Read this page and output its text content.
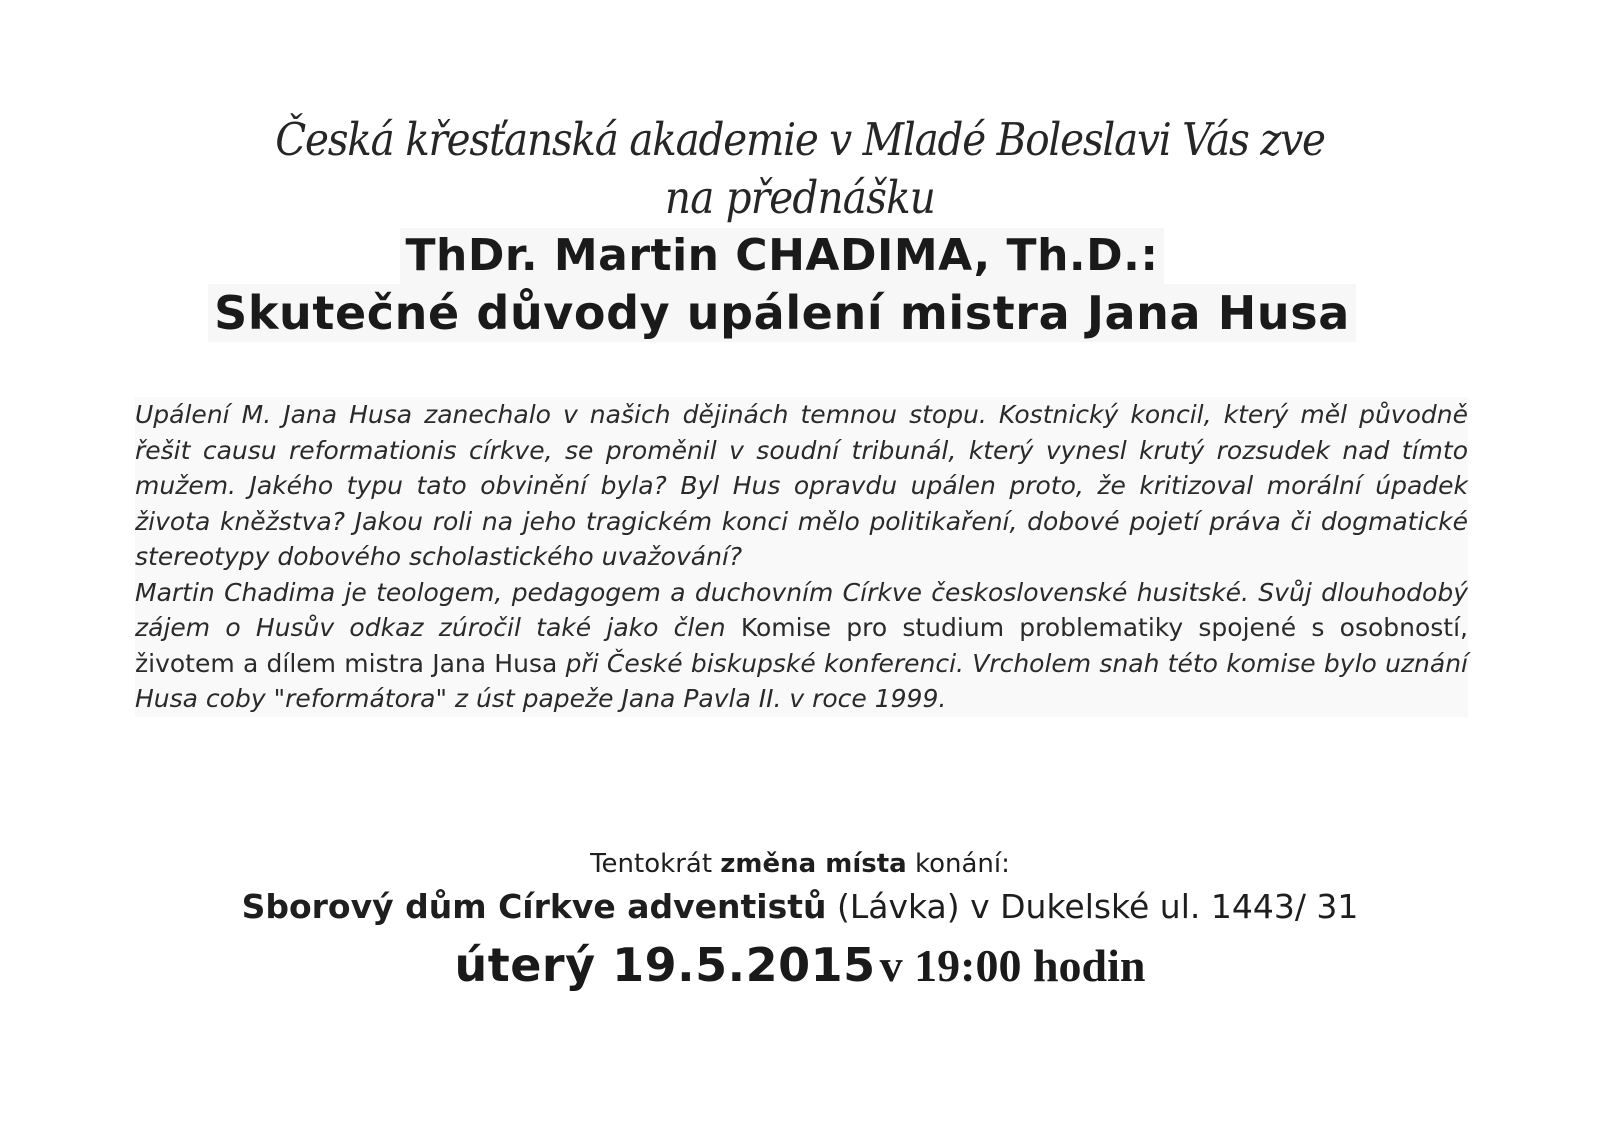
Česká křesťanská akademie v Mladé Boleslavi Vás zve
na přednášku
ThDr. Martin CHADIMA, Th.D.:
Skutečné důvody upálení mistra Jana Husa

Upálení M. Jana Husa zanechalo v našich dějinách temnou stopu. Kostnický koncil, který měl původně řešit causu reformationis církve, se proměnil v soudní tribunál, který vynesl krutý rozsudek nad tímto mužem. Jakého typu tato obvinění byla? Byl Hus opravdu upálen proto, že kritizoval morální úpadek života kněžstva? Jakou roli na jeho tragickém konci mělo politikaření, dobové pojetí práva či dogmatické stereotypy dobového scholastického uvažování?

Martin Chadima je teologem, pedagogem a duchovním Církve československé husitské. Svůj dlouhodobý zájem o Husův odkaz zúročil také jako člen Komise pro studium problematiky spojené s osobností, životem a dílem mistra Jana Husa při České biskupské konferenci. Vrcholem snah této komise bylo uznání Husa coby "reformátora" z úst papeže Jana Pavla II. v roce 1999.

Tentokrát změna místa konání:
Sborový dům Církve adventistů (Lávka) v Dukelské ul. 1443/ 31
úterý 19.5.2015 v 19:00 hodin
